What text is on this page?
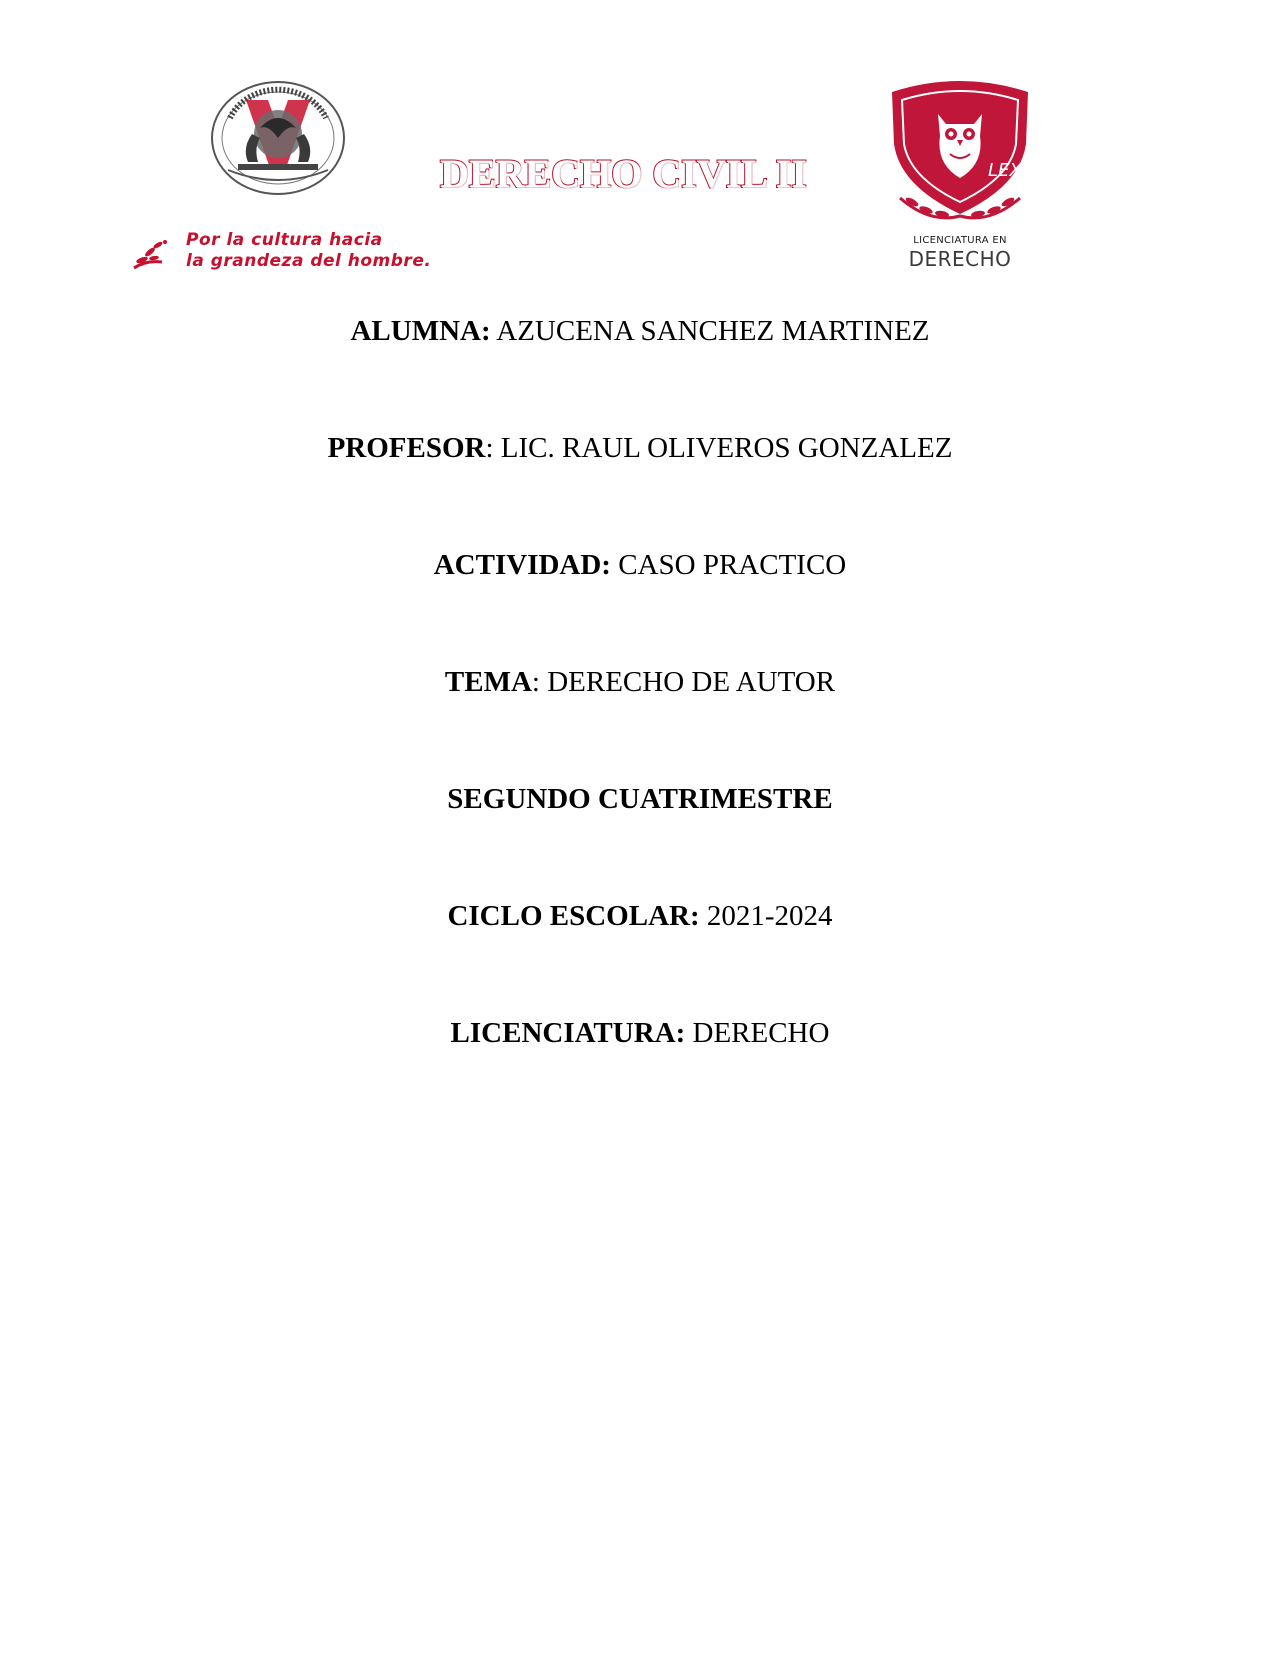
Por la cultura hacia
la grandeza del hombre.
DERECHO CIVIL II	LEX
LICENCIATURA EN
DERECHO
ALUMNA: AZUCENA SANCHEZ MARTINEZ
PROFESOR: LIC. RAUL OLIVEROS GONZALEZ
ACTIVIDAD: CASO PRACTICO
TEMA: DERECHO DE AUTOR
SEGUNDO CUATRIMESTRE
CICLO ESCOLAR: 2021-2024
LICENCIATURA: DERECHO
